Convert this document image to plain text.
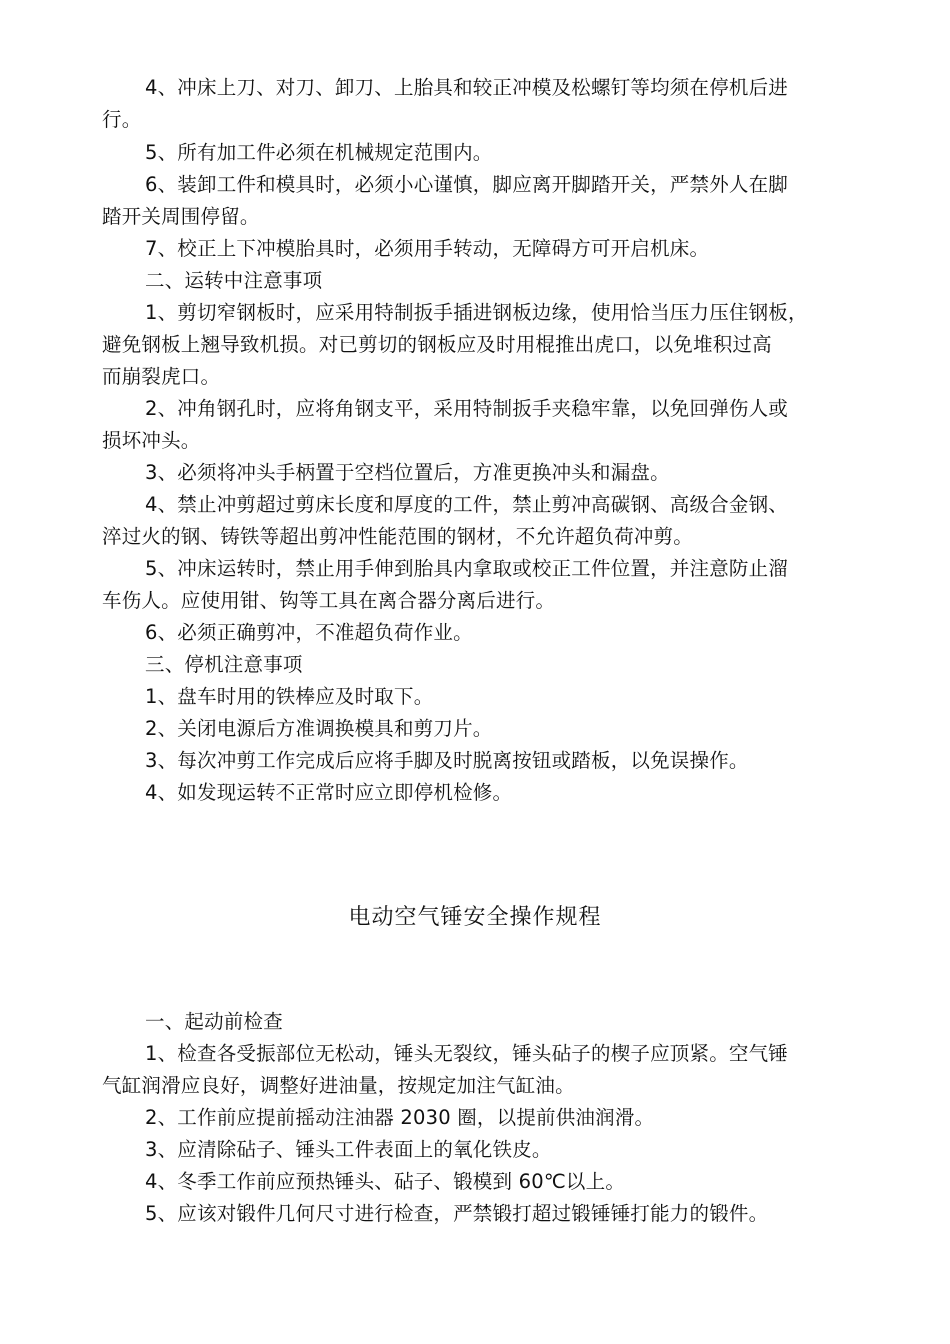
4、冲床上刀、对刀、卸刀、上胎具和较正冲模及松螺钉等均须在停机后进
行。
5、所有加工件必须在机械规定范围内。
6、装卸工件和模具时，必须小心谨慎，脚应离开脚踏开关，严禁外人在脚
踏开关周围停留。
7、校正上下冲模胎具时，必须用手转动，无障碍方可开启机床。
二、运转中注意事项
1、剪切窄钢板时，应采用特制扳手插进钢板边缘，使用恰当压力压住钢板，
避免钢板上翘导致机损。对已剪切的钢板应及时用棍推出虎口，以免堆积过高
而崩裂虎口。
2、冲角钢孔时，应将角钢支平，采用特制扳手夹稳牢靠，以免回弹伤人或
损坏冲头。
3、必须将冲头手柄置于空档位置后，方准更换冲头和漏盘。
4、禁止冲剪超过剪床长度和厚度的工件，禁止剪冲高碳钢、高级合金钢、
淬过火的钢、铸铁等超出剪冲性能范围的钢材，不允许超负荷冲剪。
5、冲床运转时，禁止用手伸到胎具内拿取或校正工件位置，并注意防止溜
车伤人。应使用钳、钩等工具在离合器分离后进行。
6、必须正确剪冲，不准超负荷作业。
三、停机注意事项
1、盘车时用的铁棒应及时取下。
2、关闭电源后方准调换模具和剪刀片。
3、每次冲剪工作完成后应将手脚及时脱离按钮或踏板，以免误操作。
4、如发现运转不正常时应立即停机检修。
电动空气锤安全操作规程
一、起动前检查
1、检查各受振部位无松动，锤头无裂纹，锤头砧子的楔子应顶紧。空气锤
气缸润滑应良好，调整好进油量，按规定加注气缸油。
2、工作前应提前摇动注油器 2030 圈，以提前供油润滑。
3、应清除砧子、锤头工件表面上的氧化铁皮。
4、冬季工作前应预热锤头、砧子、锻模到 60℃以上。
5、应该对锻件几何尺寸进行检查，严禁锻打超过锻锤锤打能力的锻件。
